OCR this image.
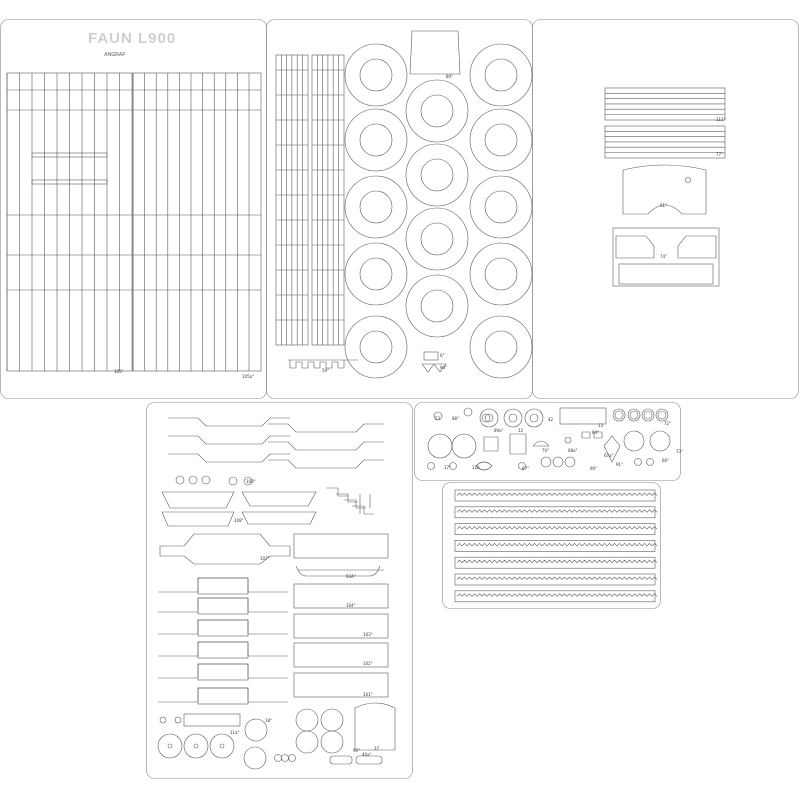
FAUN L900
ANGRAF
105°
105a°
59°
80°
6°
9d°
111°
77°
61°
74°
72°
73°
66°
90°
91°
108°
107°
93A°
104°
103°
102°
101°
100°
11a°
18°
40a°
90°
17°	67°
64°
68a°
67a°
89a°	12
13
70°
88°	42
53
12b
37
